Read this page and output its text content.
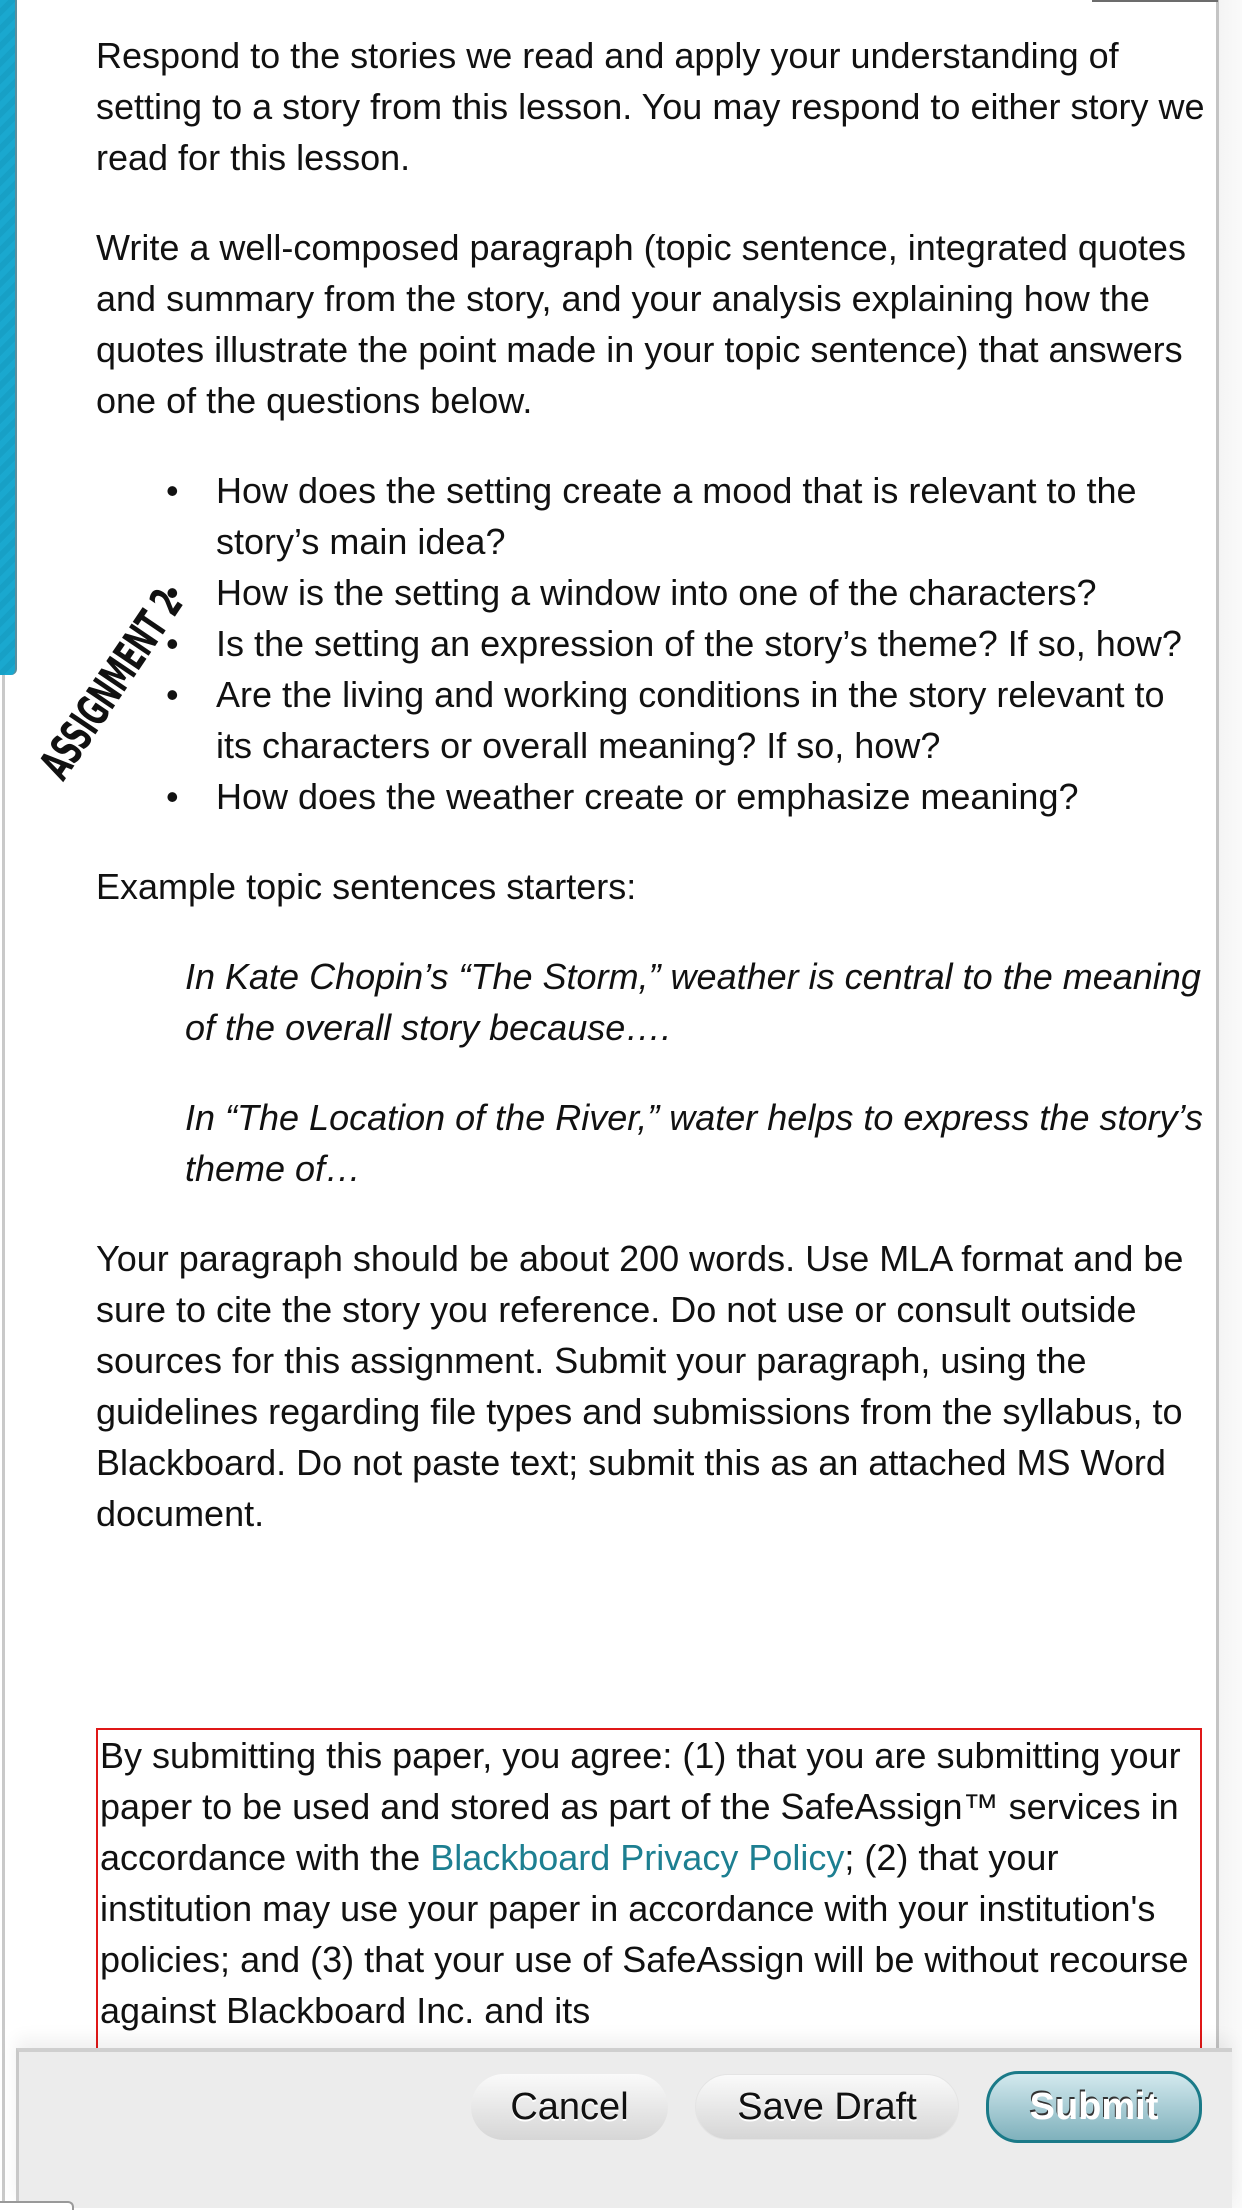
Respond to the stories we read and apply your understanding of setting to a story from this lesson. You may respond to either story we read for this lesson.

Write a well-composed paragraph (topic sentence, integrated quotes and summary from the story, and your analysis explaining how the quotes illustrate the point made in your topic sentence) that answers one of the questions below.

• How does the setting create a mood that is relevant to the story’s main idea?
• How is the setting a window into one of the characters?
• Is the setting an expression of the story’s theme? If so, how?
• Are the living and working conditions in the story relevant to its characters or overall meaning? If so, how?
• How does the weather create or emphasize meaning?

Example topic sentences starters:

In Kate Chopin’s “The Storm,” weather is central to the meaning of the overall story because….

In “The Location of the River,” water helps to express the story’s theme of…

Your paragraph should be about 200 words. Use MLA format and be sure to cite the story you reference. Do not use or consult outside sources for this assignment. Submit your paragraph, using the guidelines regarding file types and submissions from the syllabus, to Blackboard. Do not paste text; submit this as an attached MS Word document.

ASSIGNMENT 2
By submitting this paper, you agree: (1) that you are submitting your paper to be used and stored as part of the SafeAssign™ services in accordance with the Blackboard Privacy Policy; (2) that your institution may use your paper in accordance with your institution's policies; and (3) that your use of SafeAssign will be without recourse against Blackboard Inc. and its
Cancel	Save Draft	Submit
